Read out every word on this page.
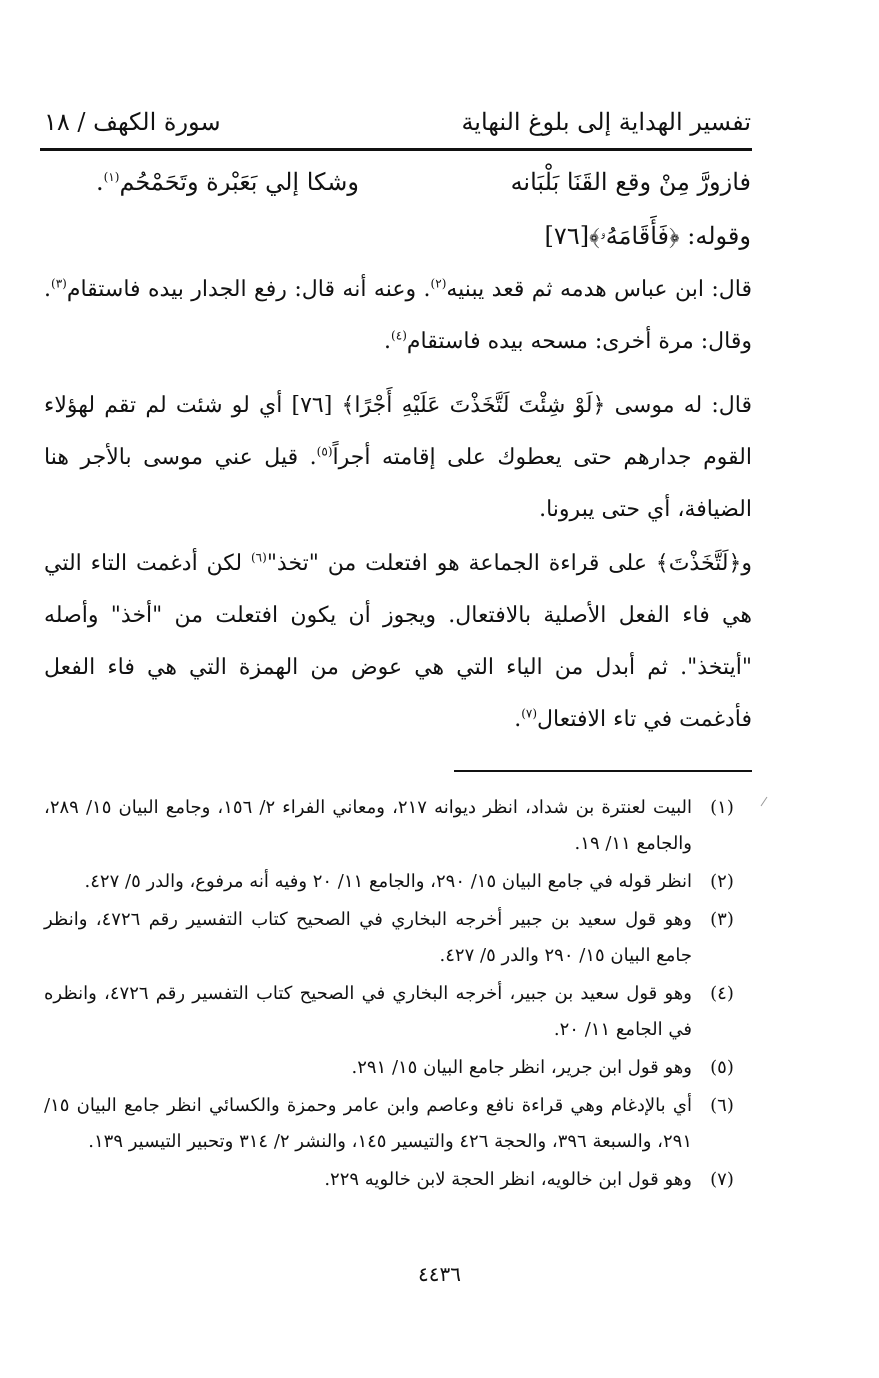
تفسير الهداية إلى بلوغ النهاية
سورة الكهف / ١٨
فازورَّ مِنْ وقع القَنَا بَلْبَانه
وشكا إلي بَعَبْرة وتَحَمْحُم$^{(١)}$.
وقوله: ﴿فَأَقَامَهُۥ﴾[٧٦]
قال: ابن عباس هدمه ثم قعد يبنيه$^{(٢)}$. وعنه أنه قال: رفع الجدار بيده فاستقام$^{(٣)}$. وقال: مرة أخرى: مسحه بيده فاستقام$^{(٤)}$.
قال: له موسى ﴿لَوْ شِئْتَ لَتَّخَذْتَ عَلَيْهِ أَجْرًا﴾ [٧٦] أي لو شئت لم تقم لهؤلاء القوم جدارهم حتى يعطوك على إقامته أجراً$^{(٥)}$. قيل عني موسى بالأجر هنا الضيافة، أي حتى يبرونا.
و﴿لَتَّخَذْتَ﴾ على قراءة الجماعة هو افتعلت من "تخذ"$^{(٦)}$ لكن أدغمت التاء التي هي فاء الفعل الأصلية بالافتعال. ويجوز أن يكون افتعلت من "أخذ" وأصله "أيتخذ". ثم أبدل من الياء التي هي عوض من الهمزة التي هي فاء الفعل فأدغمت في تاء الافتعال$^{(٧)}$.
(١)
البيت لعنترة بن شداد، انظر ديوانه ٢١٧، ومعاني الفراء ٢/ ١٥٦، وجامع البيان ١٥/ ٢٨٩، والجامع ١١/ ١٩.
(٢)
انظر قوله في جامع البيان ١٥/ ٢٩٠، والجامع ١١/ ٢٠ وفيه أنه مرفوع، والدر ٥/ ٤٢٧.
(٣)
وهو قول سعيد بن جبير أخرجه البخاري في الصحيح كتاب التفسير رقم ٤٧٢٦، وانظر جامع البيان ١٥/ ٢٩٠ والدر ٥/ ٤٢٧.
(٤)
وهو قول سعيد بن جبير، أخرجه البخاري في الصحيح كتاب التفسير رقم ٤٧٢٦، وانظره في الجامع ١١/ ٢٠.
(٥)
وهو قول ابن جرير، انظر جامع البيان ١٥/ ٢٩١.
(٦)
أي بالإدغام وهي قراءة نافع وعاصم وابن عامر وحمزة والكسائي انظر جامع البيان ١٥/ ٢٩١، والسبعة ٣٩٦، والحجة ٤٢٦ والتيسير ١٤٥، والنشر ٢/ ٣١٤ وتحبير التيسير ١٣٩.
(٧)
وهو قول ابن خالويه، انظر الحجة لابن خالويه ٢٢٩.
٤٤٣٦
